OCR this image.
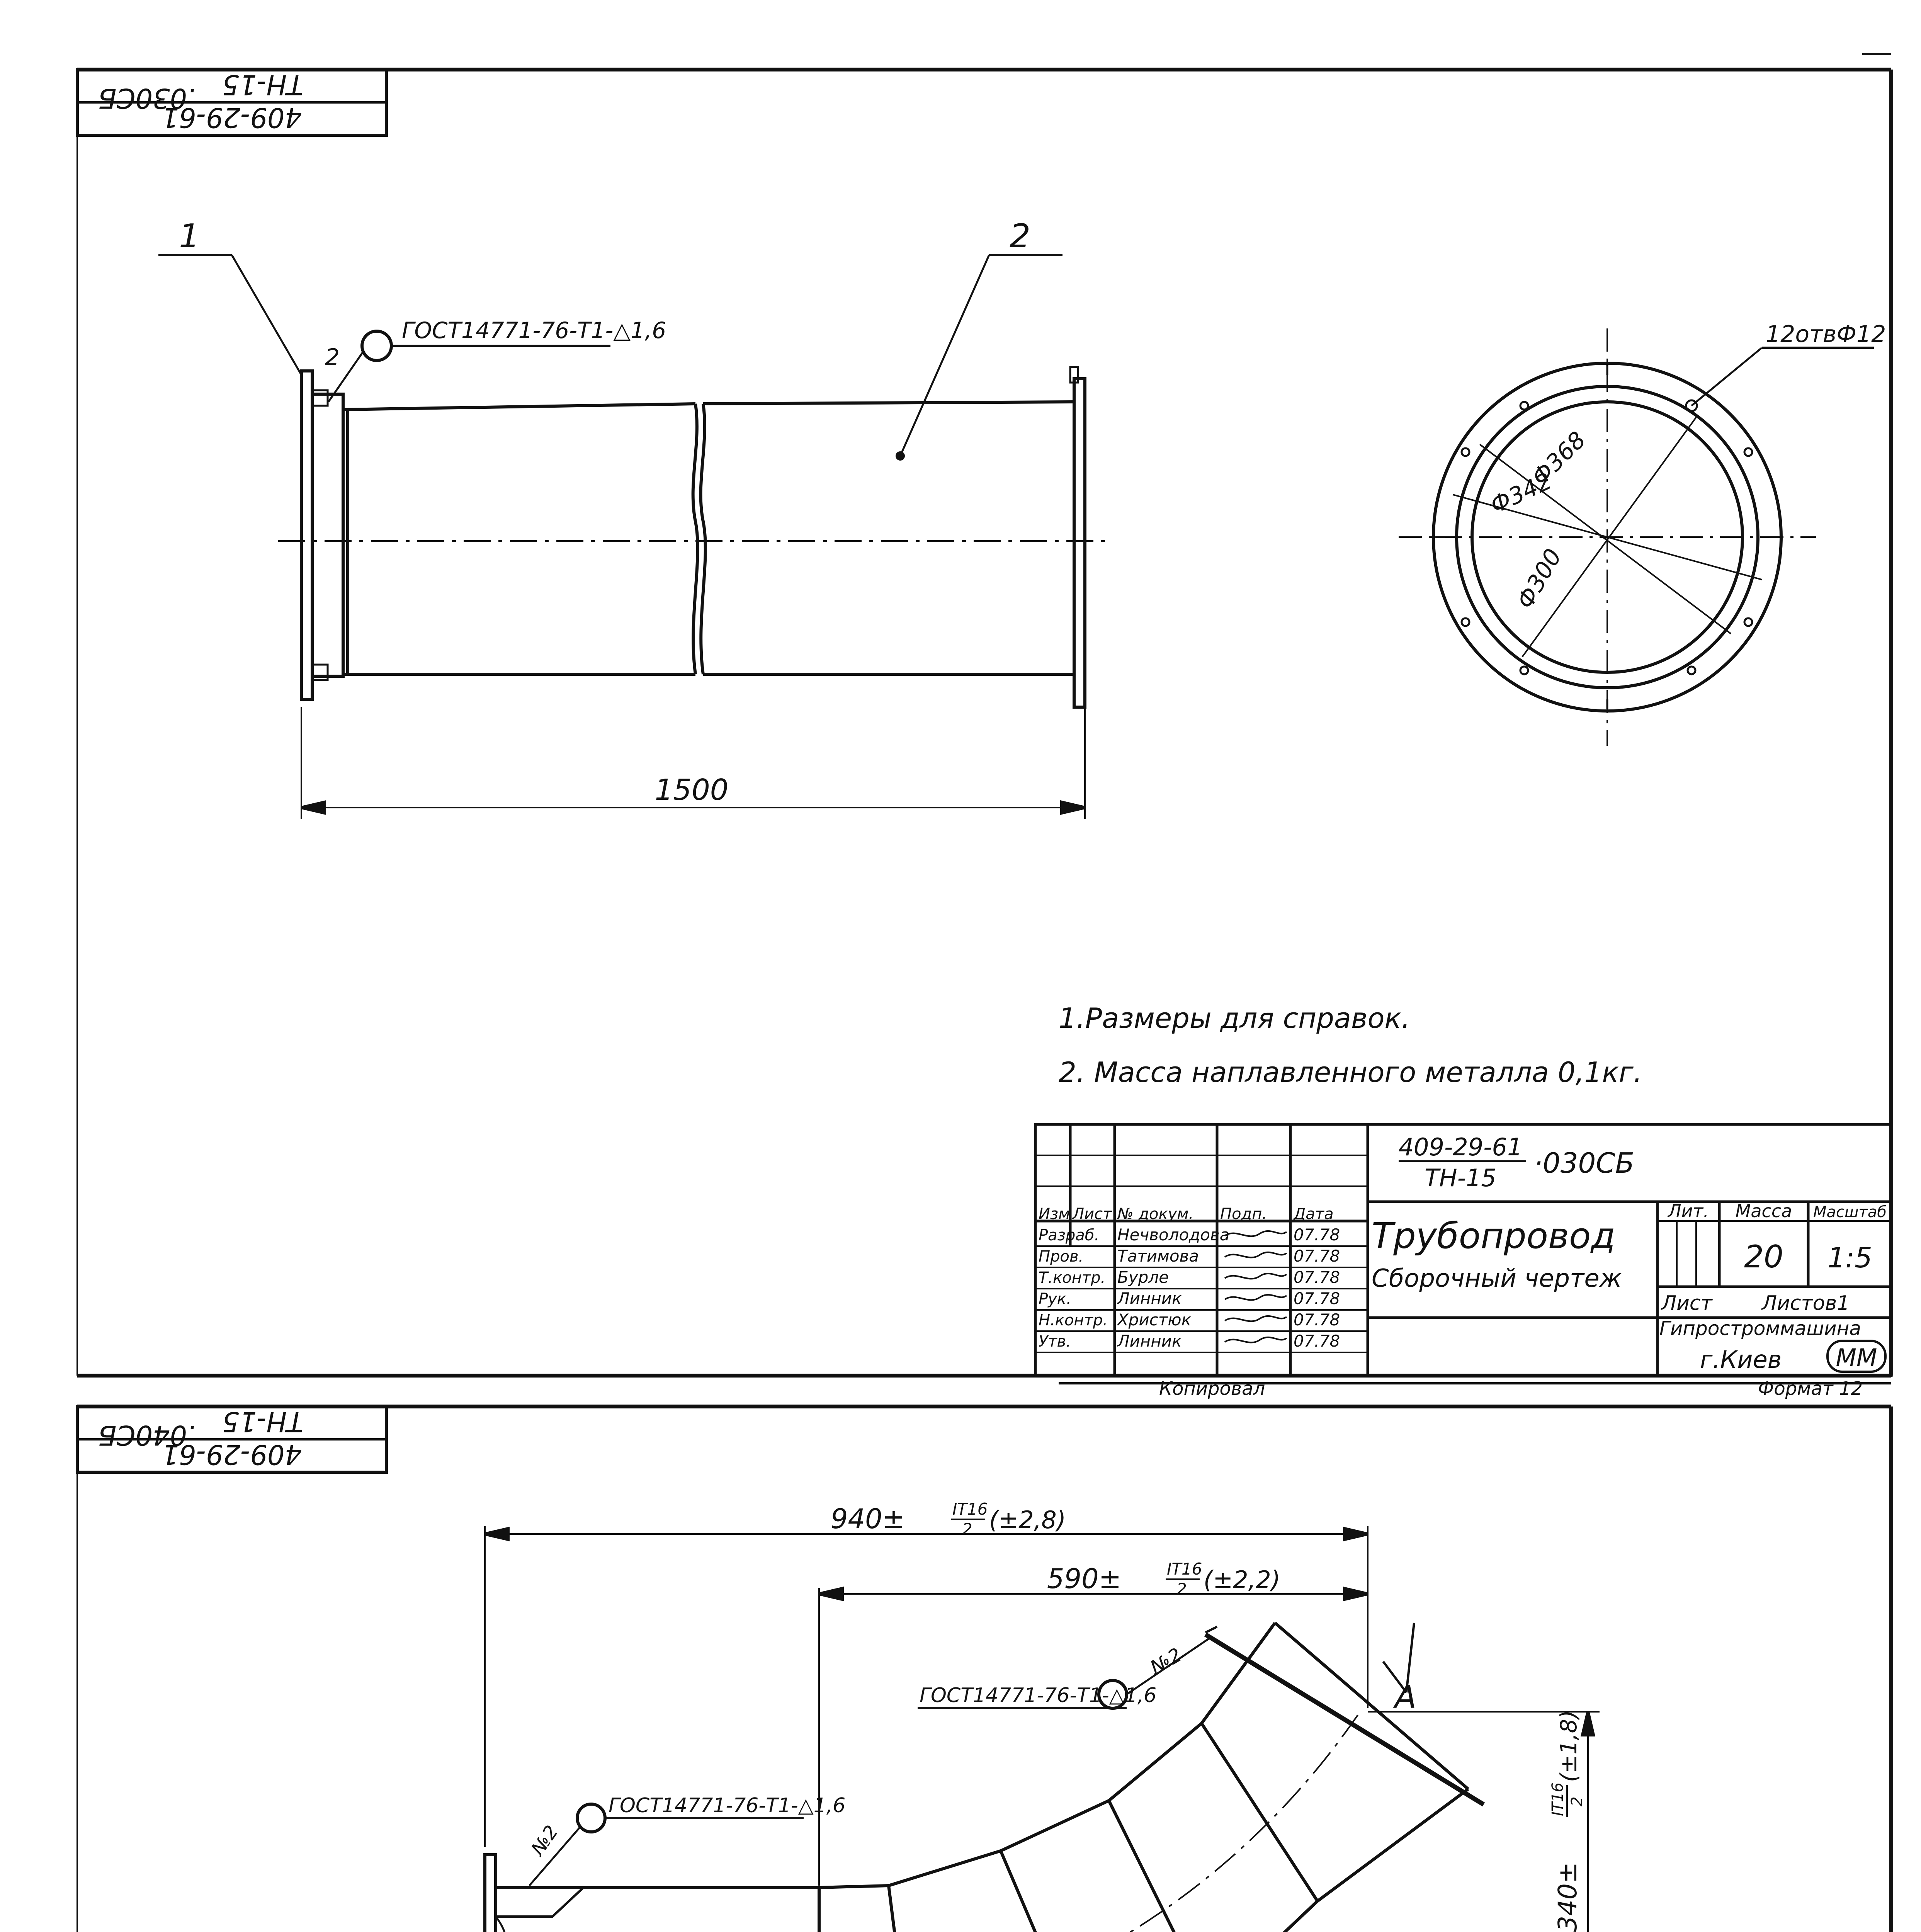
409-29-61
ТН-15
.030СБ
1	2
2
ГОСТ14771-76-Т1-△1,6
1500
12отвФ12
Ф368
Ф342
Ф300
1.Размеры для справок.
2. Масса наплавленного металла 0,1кг.
409-29-61
ТН-15 ·030СБ
Трубопровод
Сборочный чертеж
Лит. Масса Масштаб
20 1:5
Лист Листов1
Гипростроммашина
г.Киев ММ
Копировал	Формат 12
Изм Лист № докум. Подп. Дата
Разраб. Нечволодова	07.78
Пров. Татимова	07.78
Т.контр. Бурле	07.78
Рук.	Линник	07.78
Н.контр. Христюк	07.78
Утв.	Линник	07.78
409-29-61
ТН-15
.040СБ
940±	IT16
2 (±2,8)
590±	IT16
2 (±2,2)
340±
IT16 2
(±1,8)
ГОСТ14771-76-Т1-△1,6
№2
ГОСТ14771-76-Т1-△1,6
№2
А
